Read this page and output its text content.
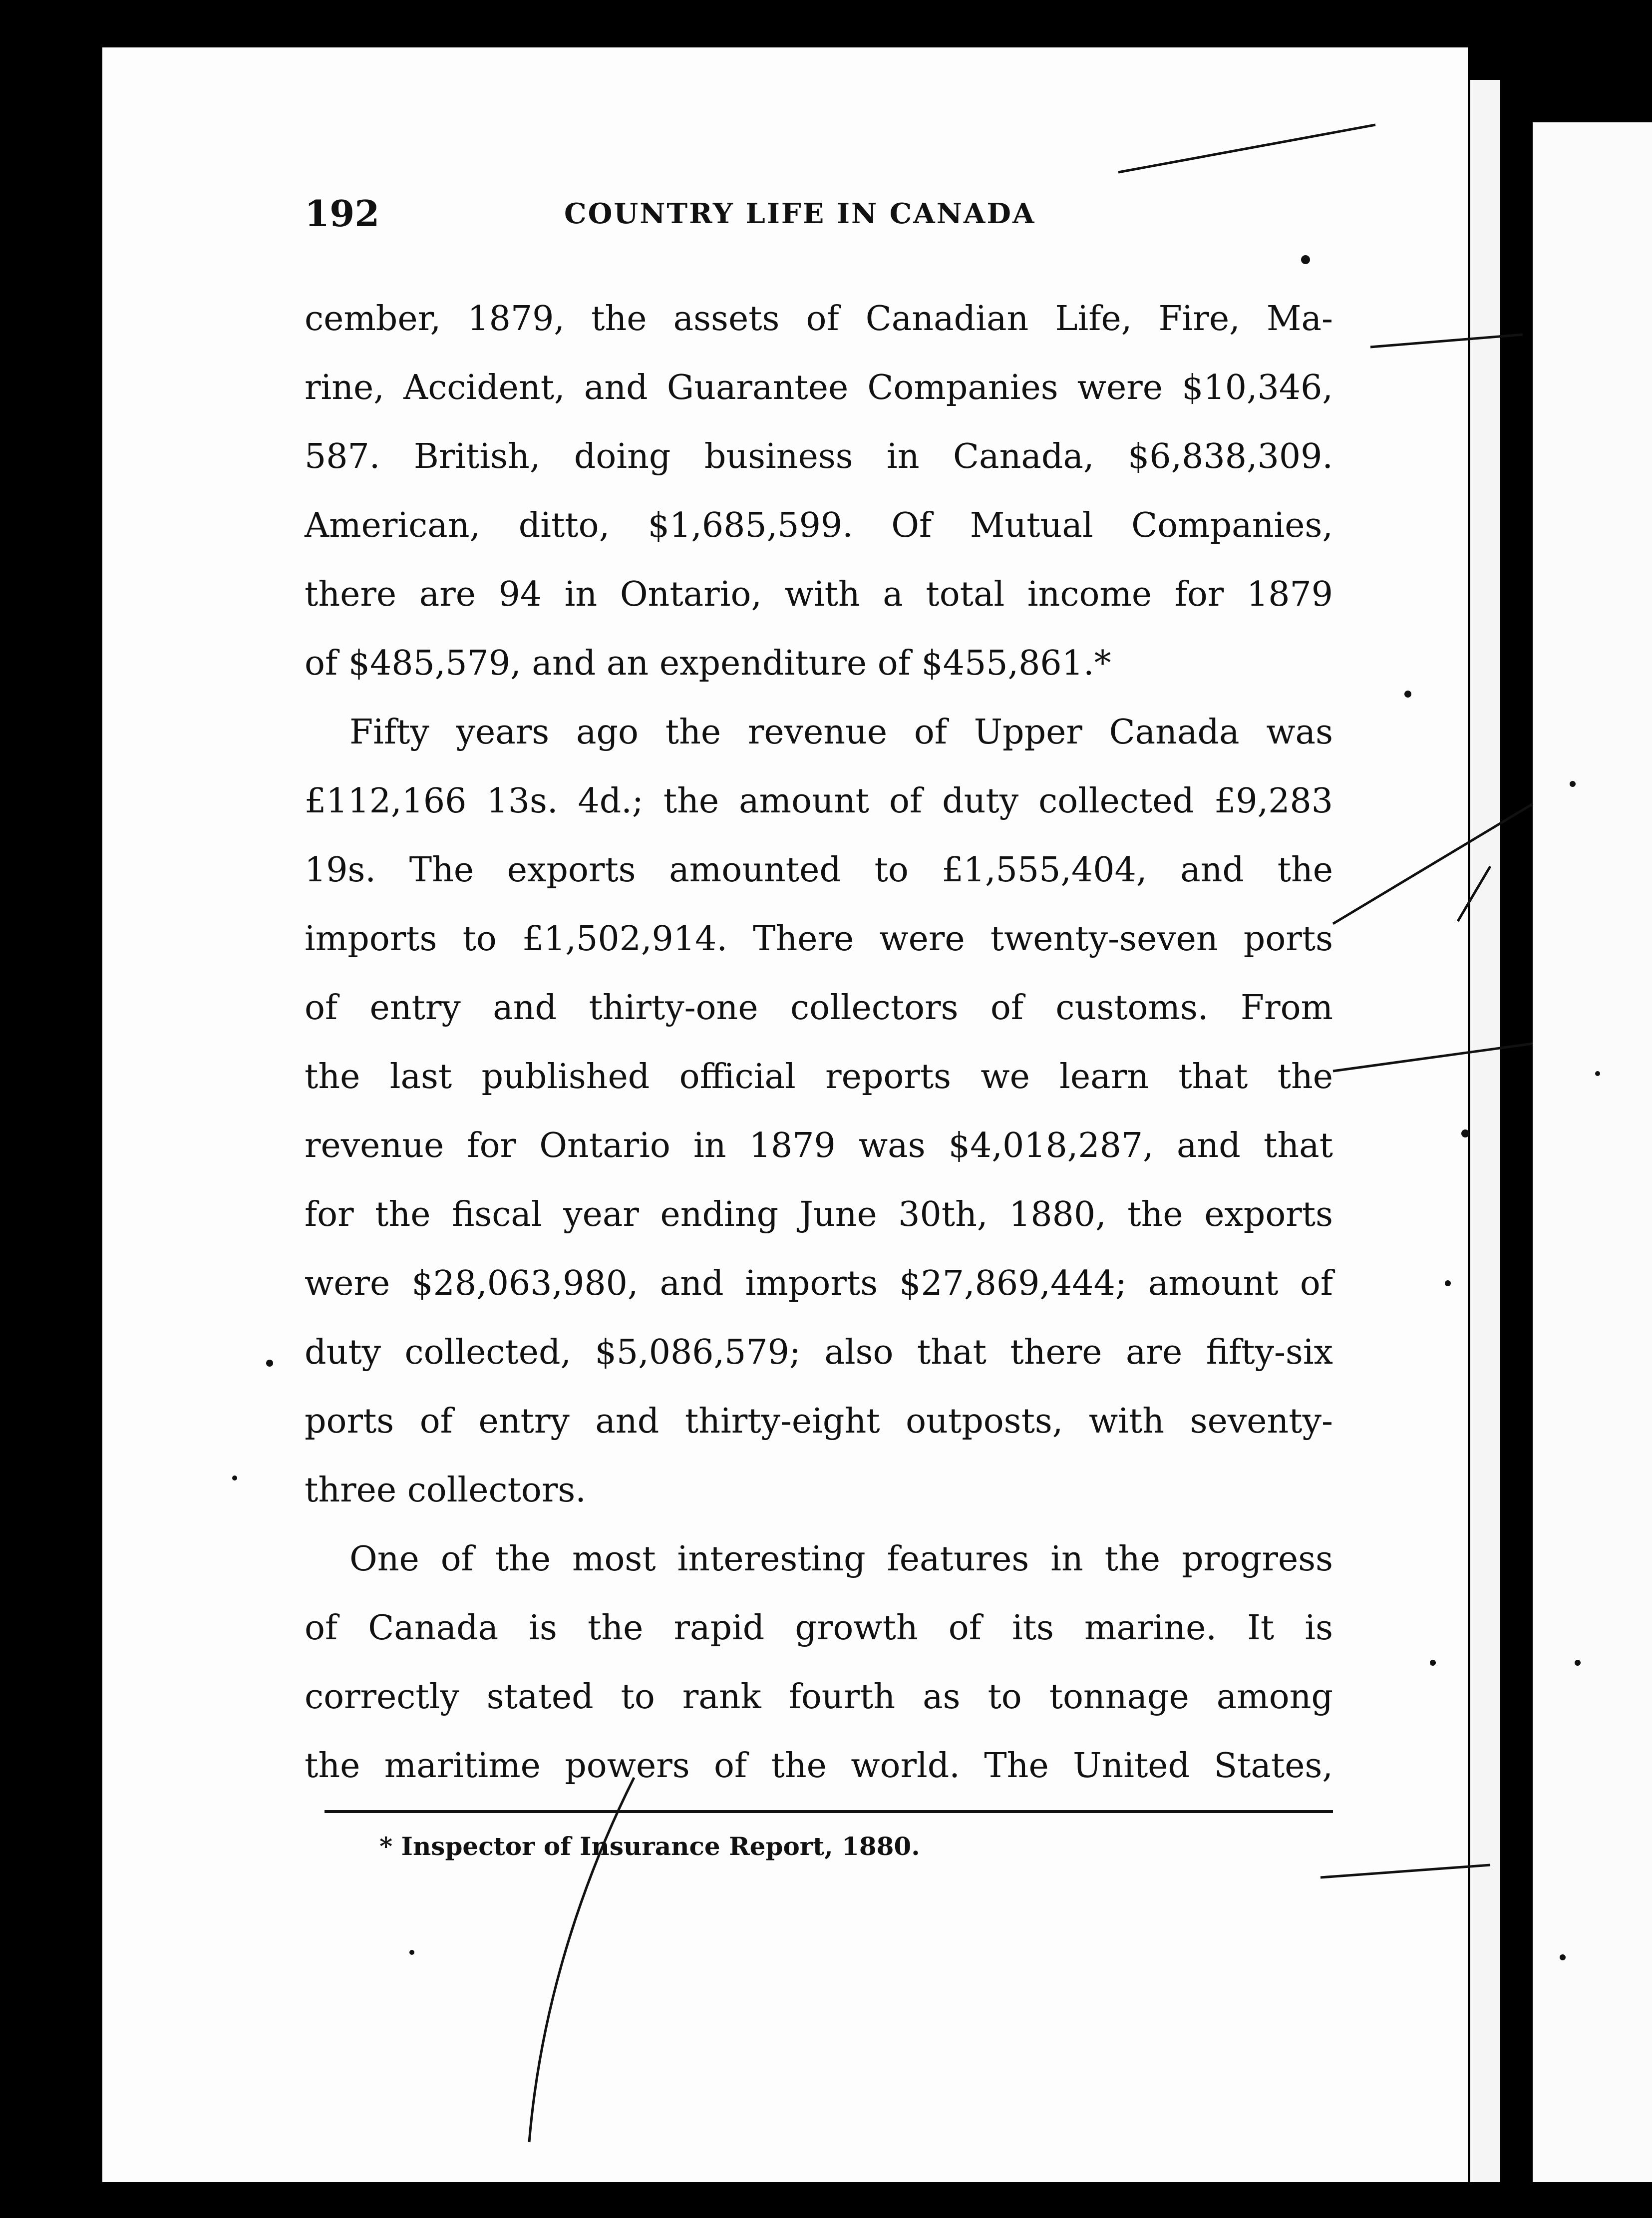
192	COUNTRY LIFE IN CANADA
cember, 1879, the assets of Canadian Life, Fire, Ma-
rine, Accident, and Guarantee Companies were $10,346,
587. British, doing business in Canada, $6,838,309.
American, ditto, $1,685,599. Of Mutual Companies,
there are 94 in Ontario, with a total income for 1879
of $485,579, and an expenditure of $455,861.*
Fifty years ago the revenue of Upper Canada was
£112,166 13s. 4d.; the amount of duty collected £9,283
19s. The exports amounted to £1,555,404, and the
imports to £1,502,914. There were twenty-seven ports
of entry and thirty-one collectors of customs. From
the last published official reports we learn that the
revenue for Ontario in 1879 was $4,018,287, and that
for the fiscal year ending June 30th, 1880, the exports
were $28,063,980, and imports $27,869,444; amount of
duty collected, $5,086,579; also that there are fifty-six
ports of entry and thirty-eight outposts, with seventy-
three collectors.
One of the most interesting features in the progress
of Canada is the rapid growth of its marine. It is
correctly stated to rank fourth as to tonnage among
the maritime powers of the world. The United States,
* Inspector of Insurance Report, 1880.
